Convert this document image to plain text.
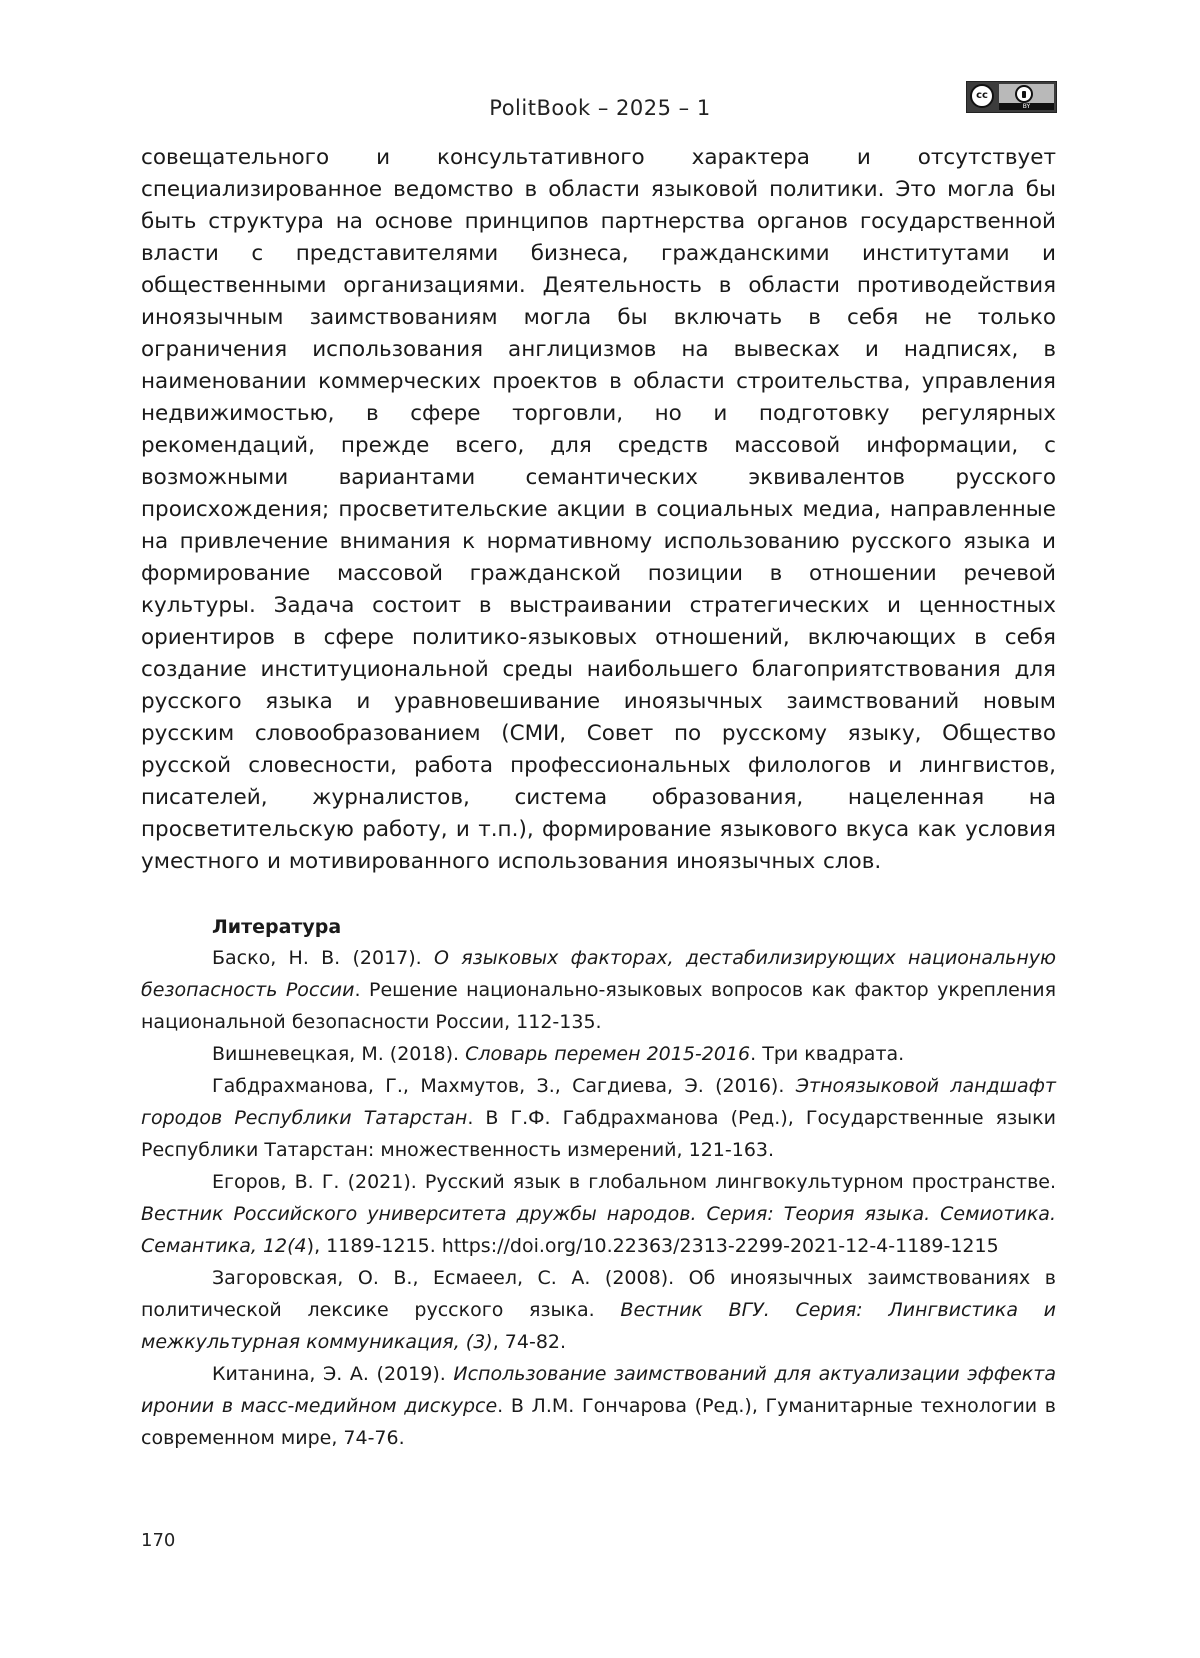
PolitBook – 2025 – 1
cc
BY

совещательного и консультативного характера и отсутствует специализированное ведомство в области языковой политики. Это могла бы быть структура на основе принципов партнерства органов государственной власти с представителями бизнеса, гражданскими институтами и общественными организациями. Деятельность в области противодействия иноязычным заимствованиям могла бы включать в себя не только ограничения использования англицизмов на вывесках и надписях, в наименовании коммерческих проектов в области строительства, управления недвижимостью, в сфере торговли, но и подготовку регулярных рекомендаций, прежде всего, для средств массовой информации, с возможными вариантами семантических эквивалентов русского происхождения; просветительские акции в социальных медиа, направленные на привлечение внимания к нормативному использованию русского языка и формирование массовой гражданской позиции в отношении речевой культуры. Задача состоит в выстраивании стратегических и ценностных ориентиров в сфере политико-языковых отношений, включающих в себя создание институциональной среды наибольшего благоприятствования для русского языка и уравновешивание иноязычных заимствований новым русским словообразованием (СМИ, Совет по русскому языку, Общество русской словесности, работа профессиональных филологов и лингвистов, писателей, журналистов, система образования, нацеленная на просветительскую работу, и т.п.), формирование языкового вкуса как условия уместного и мотивированного использования иноязычных слов.

Литература

Баско, Н. В. (2017). О языковых факторах, дестабилизирующих национальную безопасность России. Решение национально-языковых вопросов как фактор укрепления национальной безопасности России, 112-135.

Вишневецкая, М. (2018). Словарь перемен 2015-2016. Три квадрата.

Габдрахманова, Г., Махмутов, З., Сагдиева, Э. (2016). Этноязыковой ландшафт городов Республики Татарстан. В Г.Ф. Габдрахманова (Ред.), Государственные языки Республики Татарстан: множественность измерений, 121-163.

Егоров, В. Г. (2021). Русский язык в глобальном лингвокультурном пространстве. Вестник Российского университета дружбы народов. Серия: Теория языка. Семиотика. Семантика, 12(4), 1189-1215. https://doi.org/10.22363/2313-2299-2021-12-4-1189-1215

Загоровская, О. В., Есмаеел, С. А. (2008). Об иноязычных заимствованиях в политической лексике русского языка. Вестник ВГУ. Серия: Лингвистика и межкультурная коммуникация, (3), 74-82.

Китанина, Э. А. (2019). Использование заимствований для актуализации эффекта иронии в масс-медийном дискурсе. В Л.М. Гончарова (Ред.), Гуманитарные технологии в современном мире, 74-76.

170
